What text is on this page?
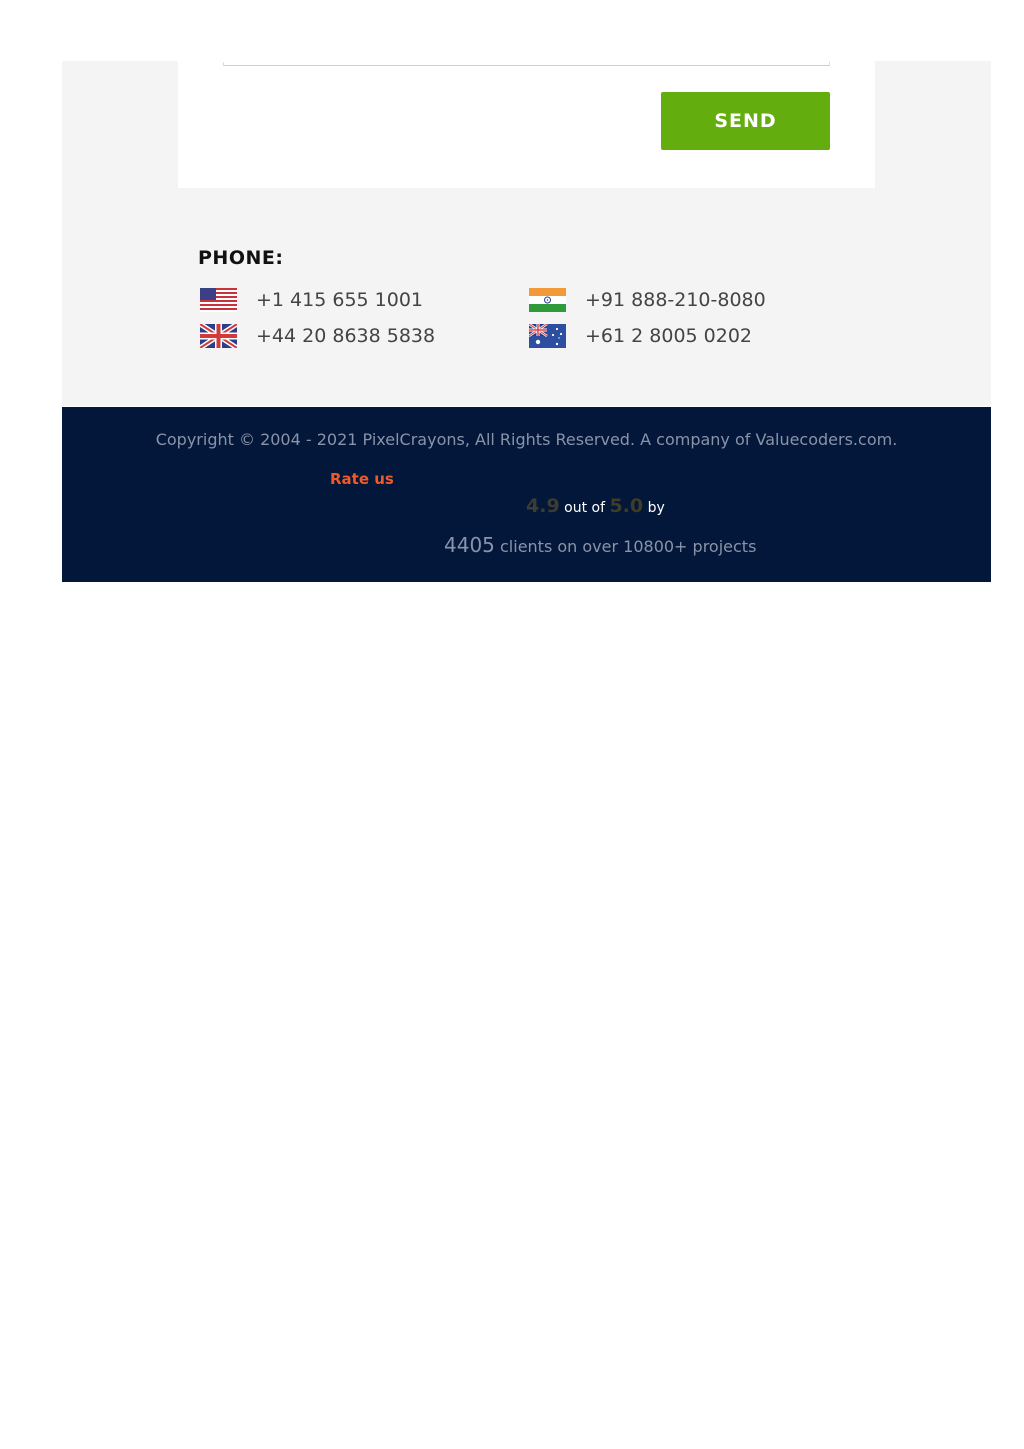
SEND
PHONE:
+1 415 655 1001	+91 888-210-8080
+44 20 8638 5838	+61 2 8005 0202
Copyright © 2004 - 2021 PixelCrayons, All Rights Reserved. A company of Valuecoders.com.
Rate us
4.9 out of 5.0 by
4405 clients on over 10800+ projects
